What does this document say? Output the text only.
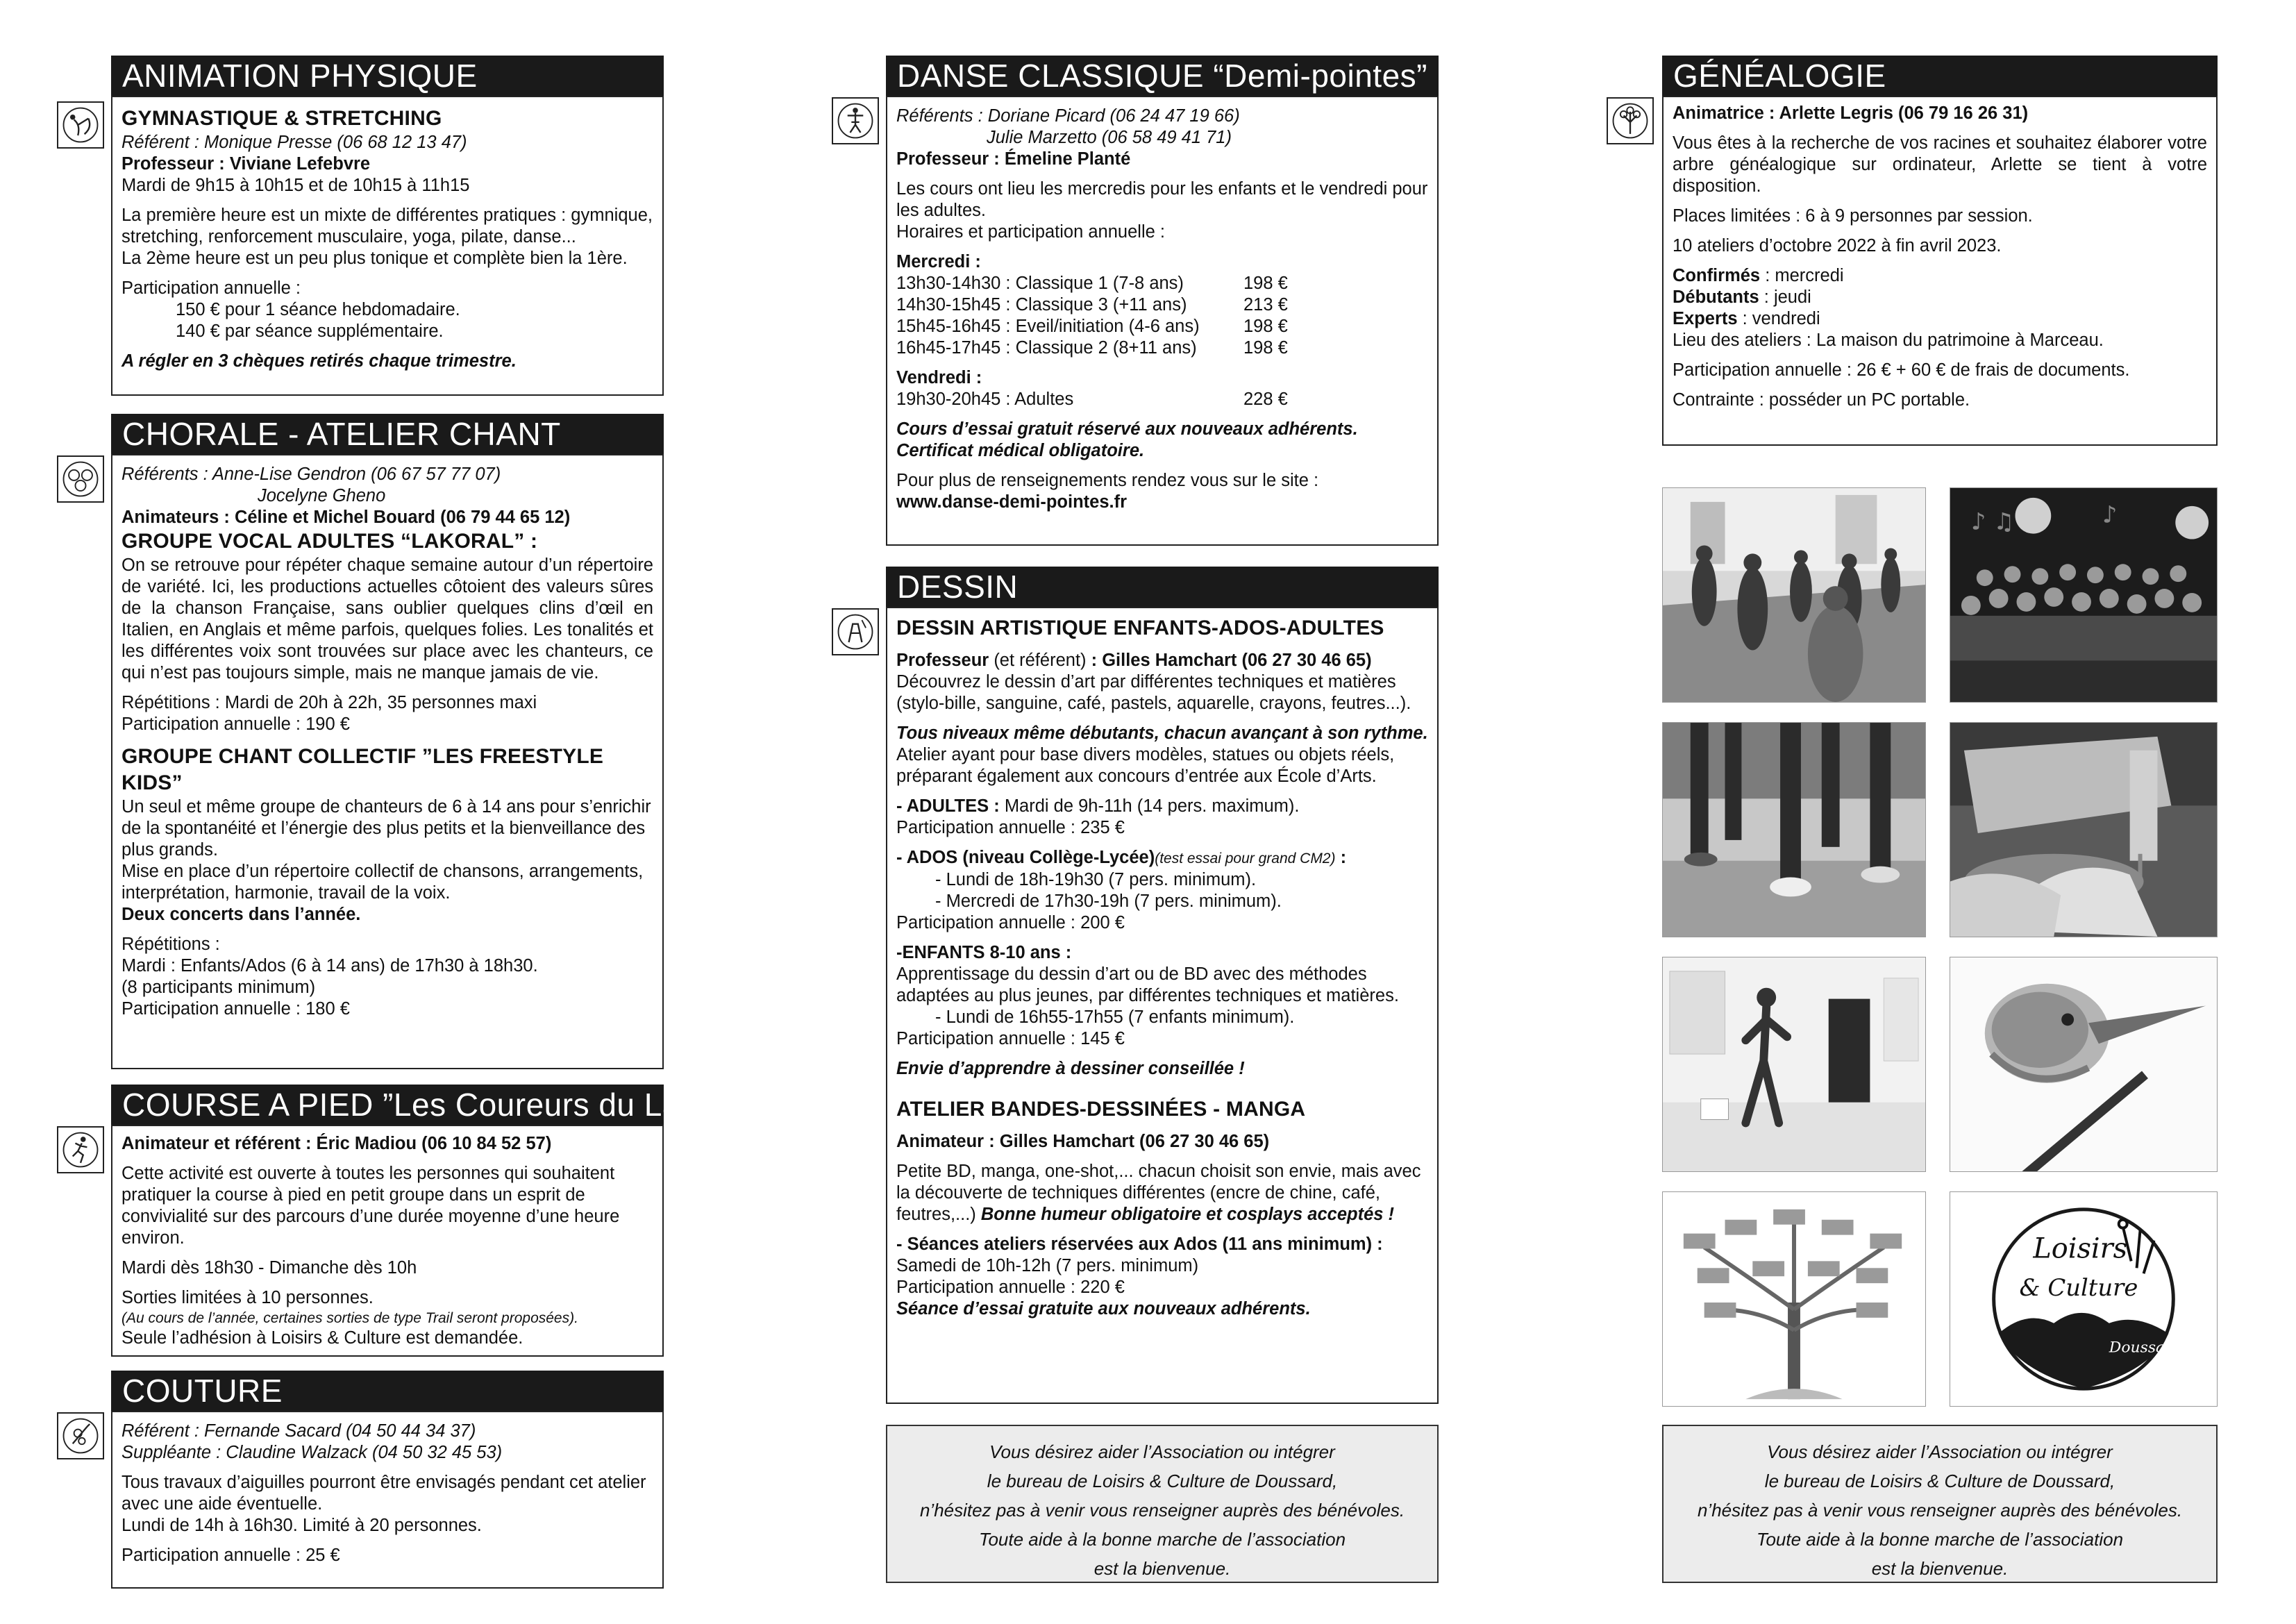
ANIMATION PHYSIQUE

GYMNASTIQUE & STRETCHING

Référent : Monique Presse (06 68 12 13 47)

Professeur : Viviane Lefebvre

Mardi de 9h15 à 10h15 et de 10h15 à 11h15

La première heure est un mixte de différentes pratiques : gymnique, stretching, renforcement musculaire, yoga, pilate, danse...

La 2ème heure est un peu plus tonique et complète bien la 1ère.

Participation annuelle :

150 € pour 1 séance hebdomadaire.

140 € par séance supplémentaire.

A régler en 3 chèques retirés chaque trimestre.

CHORALE - ATELIER CHANT

Référents : Anne-Lise Gendron (06 67 57 77 07)

Jocelyne Gheno

Animateurs : Céline et Michel Bouard (06 79 44 65 12)

GROUPE VOCAL ADULTES “LAKORAL” :

On se retrouve pour répéter chaque semaine autour d’un répertoire de variété. Ici, les productions actuelles côtoient des valeurs sûres de la chanson Française, sans oublier quelques clins d’œil en Italien, en Anglais et même parfois, quelques folies. Les tonalités et les différentes voix sont trouvées sur place avec les chanteurs, ce qui n’est pas toujours simple, mais ne manque jamais de vie.

Répétitions : Mardi de 20h à 22h, 35 personnes maxi

Participation annuelle : 190 €

GROUPE CHANT COLLECTIF ”LES FREESTYLE KIDS”

Un seul et même groupe de chanteurs de 6 à 14 ans pour s’enrichir de la spontanéité et l’énergie des plus petits et la bienveillance des plus grands.

Mise en place d’un répertoire collectif de chansons, arrangements, interprétation, harmonie, travail de la voix.

Deux concerts dans l’année.

Répétitions :

Mardi : Enfants/Ados (6 à 14 ans) de 17h30 à 18h30.

(8 participants minimum)

Participation annuelle : 180 €

COURSE A PIED ”Les Coureurs du Lac”

Animateur et référent : Éric Madiou (06 10 84 52 57)

Cette activité est ouverte à toutes les personnes qui souhaitent pratiquer la course à pied en petit groupe dans un esprit de convivialité sur des parcours d’une durée moyenne d’une heure environ.

Mardi dès 18h30 - Dimanche dès 10h

Sorties limitées à 10 personnes.

(Au cours de l’année, certaines sorties de type Trail seront proposées).

Seule l’adhésion à Loisirs & Culture est demandée.

COUTURE

Référent : Fernande Sacard (04 50 44 34 37)

Suppléante : Claudine Walzack (04 50 32 45 53)

Tous travaux d’aiguilles pourront être envisagés pendant cet atelier avec une aide éventuelle.

Lundi de 14h à 16h30. Limité à 20 personnes.

Participation annuelle : 25 €

DANSE CLASSIQUE “Demi-pointes”

Référents : Doriane Picard (06 24 47 19 66)

Julie Marzetto (06 58 49 41 71)

Professeur : Émeline Planté

Les cours ont lieu les mercredis pour les enfants et le vendredi pour les adultes.

Horaires et participation annuelle :

Mercredi :

13h30-14h30 : Classique 1 (7-8 ans)	198 €
14h30-15h45 : Classique 3 (+11 ans)	213 €
15h45-16h45 : Eveil/initiation (4-6 ans)	198 €
16h45-17h45 : Classique 2 (8+11 ans)	198 €

Vendredi :

19h30-20h45 : Adultes	228 €

Cours d’essai gratuit réservé aux nouveaux adhérents.

Certificat médical obligatoire.

Pour plus de renseignements rendez vous sur le site :

www.danse-demi-pointes.fr

DESSIN

DESSIN ARTISTIQUE ENFANTS-ADOS-ADULTES

Professeur (et référent) : Gilles Hamchart (06 27 30 46 65)

Découvrez le dessin d’art par différentes techniques et matières (stylo-bille, sanguine, café, pastels, aquarelle, crayons, feutres...).

Tous niveaux même débutants, chacun avançant à son rythme.

Atelier ayant pour base divers modèles, statues ou objets réels, préparant également aux concours d’entrée aux École d’Arts.

- ADULTES : Mardi de 9h-11h (14 pers. maximum).

Participation annuelle : 235 €

- ADOS (niveau Collège-Lycée)(test essai pour grand CM2) :

- Lundi de 18h-19h30 (7 pers. minimum).

- Mercredi de 17h30-19h (7 pers. minimum).

Participation annuelle : 200 €

-ENFANTS 8-10 ans :

Apprentissage du dessin d’art ou de BD avec des méthodes adaptées au plus jeunes, par différentes techniques et matières.

- Lundi de 16h55-17h55 (7 enfants minimum).

Participation annuelle : 145 €

Envie d’apprendre à dessiner conseillée !

ATELIER BANDES-DESSINÉES - MANGA

Animateur : Gilles Hamchart (06 27 30 46 65)

Petite BD, manga, one-shot,... chacun choisit son envie, mais avec la découverte de techniques différentes (encre de chine, café, feutres,...) Bonne humeur obligatoire et cosplays acceptés !

- Séances ateliers réservées aux Ados (11 ans minimum) :

Samedi de 10h-12h (7 pers. minimum)

Participation annuelle : 220 €

Séance d’essai gratuite aux nouveaux adhérents.

Vous désirez aider l’Association ou intégrer
le bureau de Loisirs & Culture de Doussard,
n’hésitez pas à venir vous renseigner auprès des bénévoles.
Toute aide à la bonne marche de l’association
est la bienvenue.
GÉNÉALOGIE

Animatrice : Arlette Legris (06 79 16 26 31)

Vous êtes à la recherche de vos racines et souhaitez élaborer votre arbre généalogique sur ordinateur, Arlette se tient à votre disposition.

Places limitées : 6 à 9 personnes par session.

10 ateliers d’octobre 2022 à fin avril 2023.

Confirmés : mercredi

Débutants : jeudi

Experts : vendredi

Lieu des ateliers : La maison du patrimoine à Marceau.

Participation annuelle : 26 € + 60 € de frais de documents.

Contrainte : posséder un PC portable.

♪ ♫	♪
Loisirs
& Culture
Doussard
Vous désirez aider l’Association ou intégrer
le bureau de Loisirs & Culture de Doussard,
n’hésitez pas à venir vous renseigner auprès des bénévoles.
Toute aide à la bonne marche de l’association
est la bienvenue.
